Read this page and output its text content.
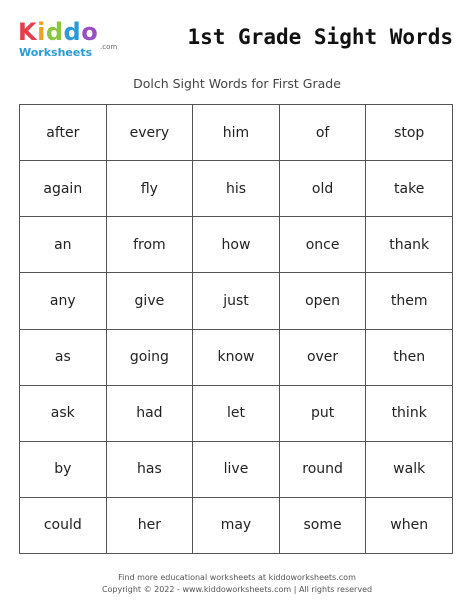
Kiddo
Worksheets .com	1st Grade Sight Words
Dolch Sight Words for First Grade
after	every	him	of	stop
again	fly	his	old	take
an	from	how	once	thank
any	give	just	open	them
as	going	know	over	then
ask	had	let	put	think
by	has	live	round	walk
could	her	may	some	when
Find more educational worksheets at kiddoworksheets.com
Copyright © 2022 - www.kiddoworksheets.com | All rights reserved
